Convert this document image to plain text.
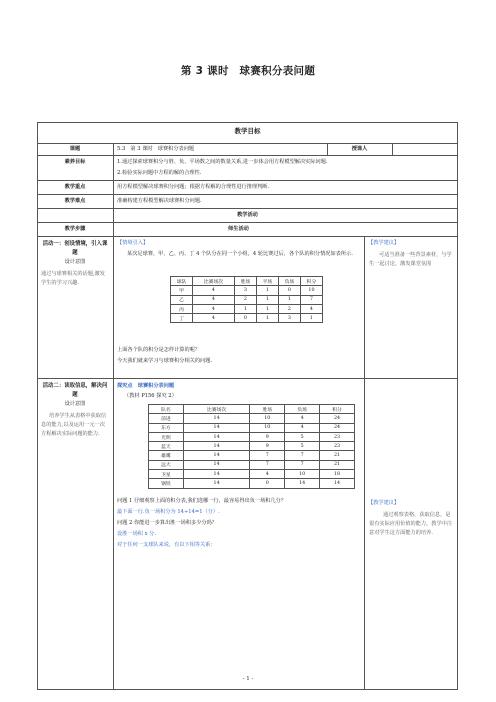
第 3 课时　球赛积分表问题
教学目标
课题	5.3　第 3 课时　球赛积分表问题	授课人
素养目标	1.通过探索球赛积分与胜、负、平场数之间的数量关系,进一步体会用方程模型解决实际问题.
2.检验实际问题中方程的解的合理性.
教学重点	用方程模型解决球赛积分问题；根据方程解的合理性进行推理判断.
教学难点	准确构建方程模型解决球赛积分问题.
教学活动
教学步骤	师生活动
活动一：创设情境，引入课题
设计意图
通过与球赛相关的话题,激发学生的学习兴趣.
【情境引入】
某次足球赛，甲、乙、丙、丁 4 个队分在同一个小组，4 轮比赛过后，各个队的积分情况如表所示.
球队	比赛场次	胜场	平场	负场	积分
甲	4	3	1	0	10
乙	4	2	1	1	7
丙	4	1	1	2	4
丁	4	0	1	3	1
上面各个队的积分是怎样计算的呢？
今天我们就来学习与球赛积分相关的问题.
【教学建议】
可适当准备一些背景素材，与学生一起讨论，激发课堂氛围
活动二：读取信息，解决问题
设计意图
培养学生从表格中获取信息的能力,以及运用一元一次方程解决实际问题的能力.
探究点　球赛积分表问题
（教材 P156 探究 2）
队名	比赛场次	胜场	负场	积分
前进	14	10	4	24
东方	14	10	4	24
光明	14	9	5	23
蓝天	14	9	5	23
雄鹰	14	7	7	21
远大	14	7	7	21
卫星	14	4	10	18
钢铁	14	0	14	14
问题 1 仔细观察上面的积分表,我们选哪一行，最容易得出负一场积几分？
最下面一行.负一场积分为 14÷14=1（分）.
问题 2 你能进一步算出胜一场积多少分吗？
设胜一场积 x 分.
对于任何一支球队来说，有以下相等关系：
【教学建议】
通过观察表格，获取信息，是很有实际应用价值的能力，教学中注意对学生这方面能力的培养.
- 1 -
